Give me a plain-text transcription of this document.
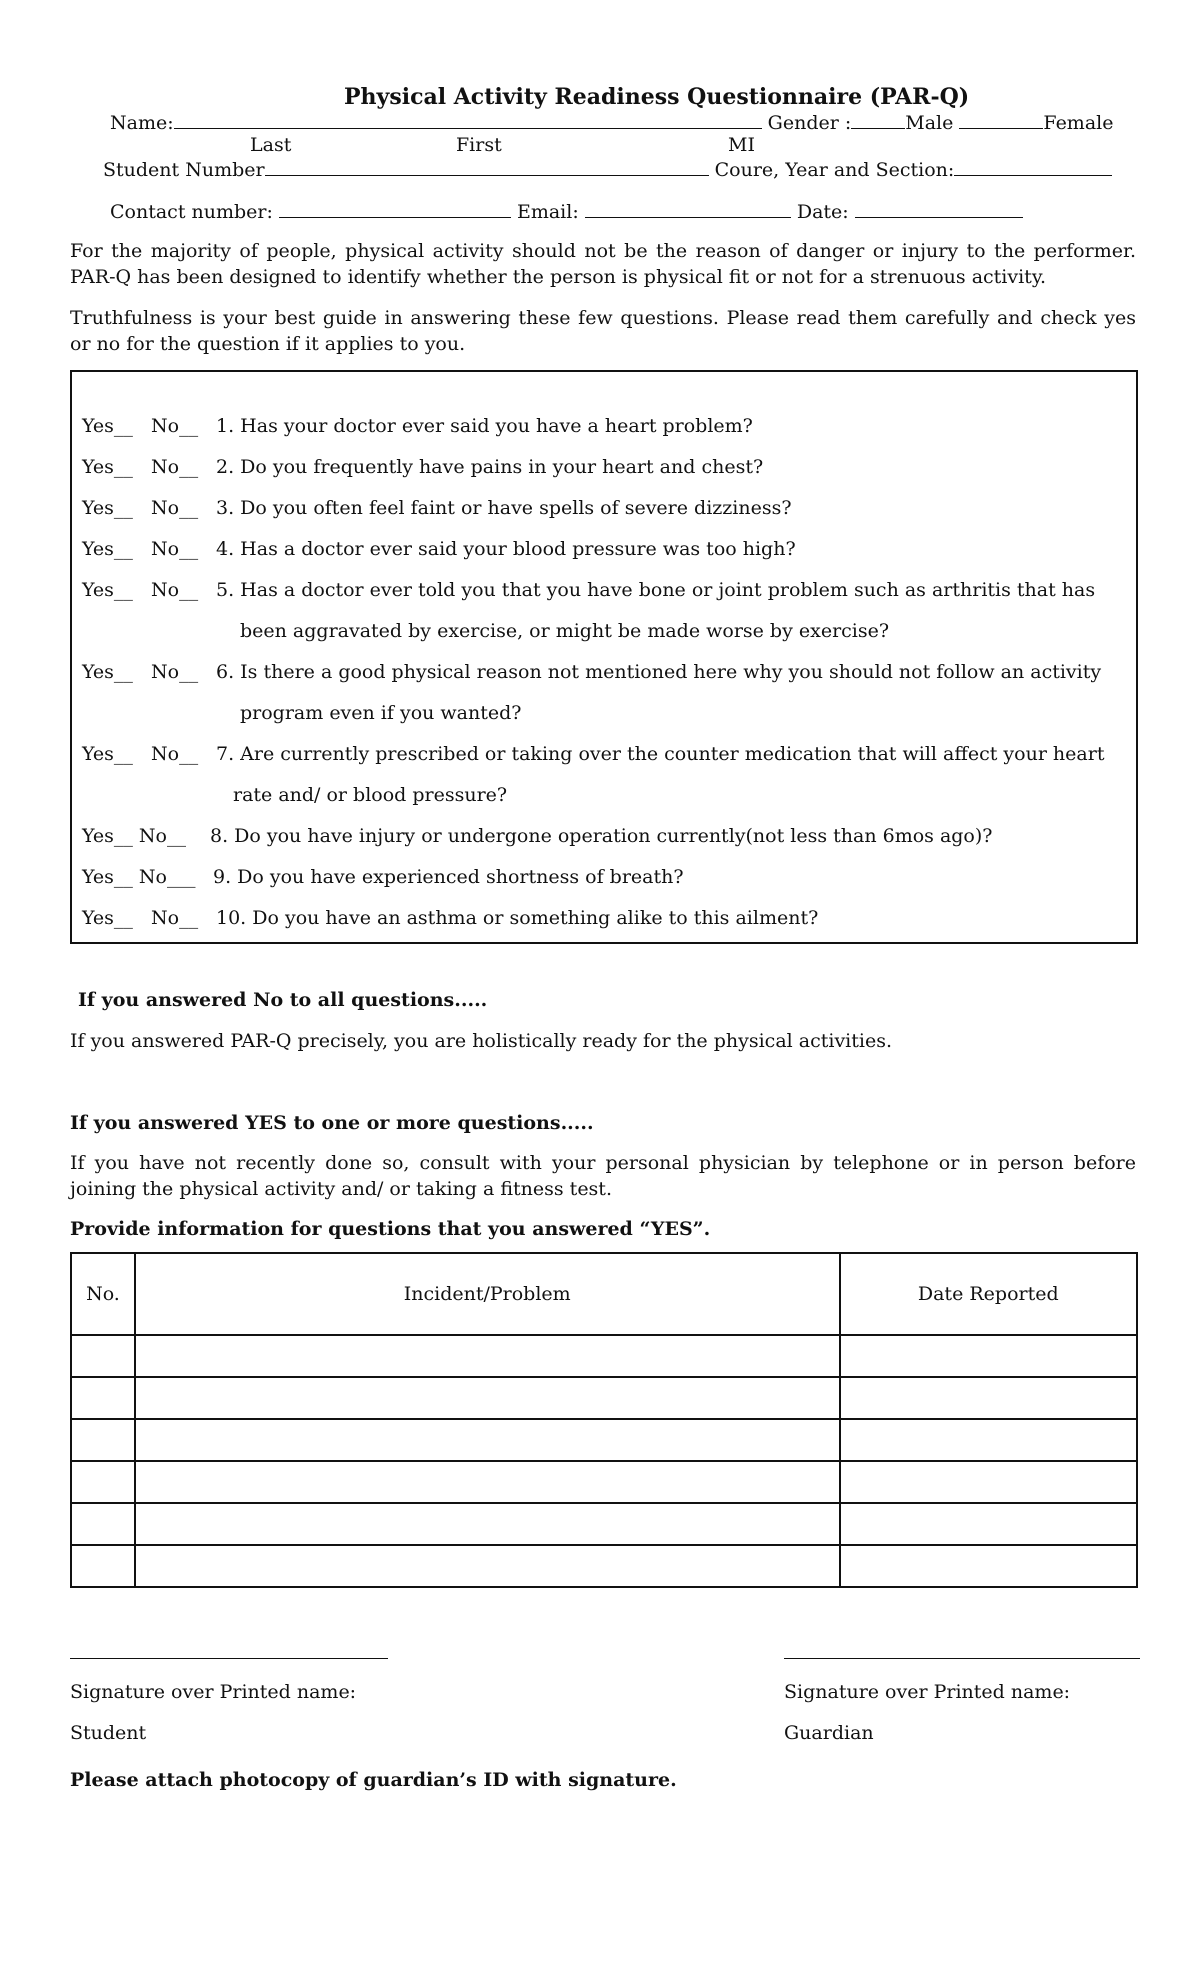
Physical Activity Readiness Questionnaire (PAR-Q)
Name:	Gender :	Male	Female
Last	First	MI
Student Number	Coure, Year and Section:
Contact number:	Email:	Date:
For the majority of people, physical activity should not be the reason of danger or injury to the performer. PAR-Q has been designed to identify whether the person is physical fit or not for a strenuous activity.
Truthfulness is your best guide in answering these few questions. Please read them carefully and check yes or no for the question if it applies to you.
Yes__   No__ 1. Has your doctor ever said you have a heart problem?
Yes__   No__ 2. Do you frequently have pains in your heart and chest?
Yes__   No__ 3. Do you often feel faint or have spells of severe dizziness?
Yes__   No__ 4. Has a doctor ever said your blood pressure was too high?
Yes__   No__ 5. Has a doctor ever told you that you have bone or joint problem such as arthritis that has
been aggravated by exercise, or might be made worse by exercise?
Yes__   No__ 6. Is there a good physical reason not mentioned here why you should not follow an activity
program even if you wanted?
Yes__   No__ 7. Are currently prescribed or taking over the counter medication that will affect your heart
rate and/ or blood pressure?
Yes__ No__ 8. Do you have injury or undergone operation currently(not less than 6mos ago)?
Yes__ No___ 9. Do you have experienced shortness of breath?
Yes__   No__ 10. Do you have an asthma or something alike to this ailment?
If you answered No to all questions.....
If you answered PAR-Q precisely, you are holistically ready for the physical activities.
If you answered YES to one or more questions.....
If you have not recently done so, consult with your personal physician by telephone or in person before joining the physical activity and/ or taking a fitness test.
Provide information for questions that you answered “YES”.
No.	Incident/Problem	Date Reported

Signature over Printed name:
Student
Signature over Printed name:
Guardian
Please attach photocopy of guardian’s ID with signature.
